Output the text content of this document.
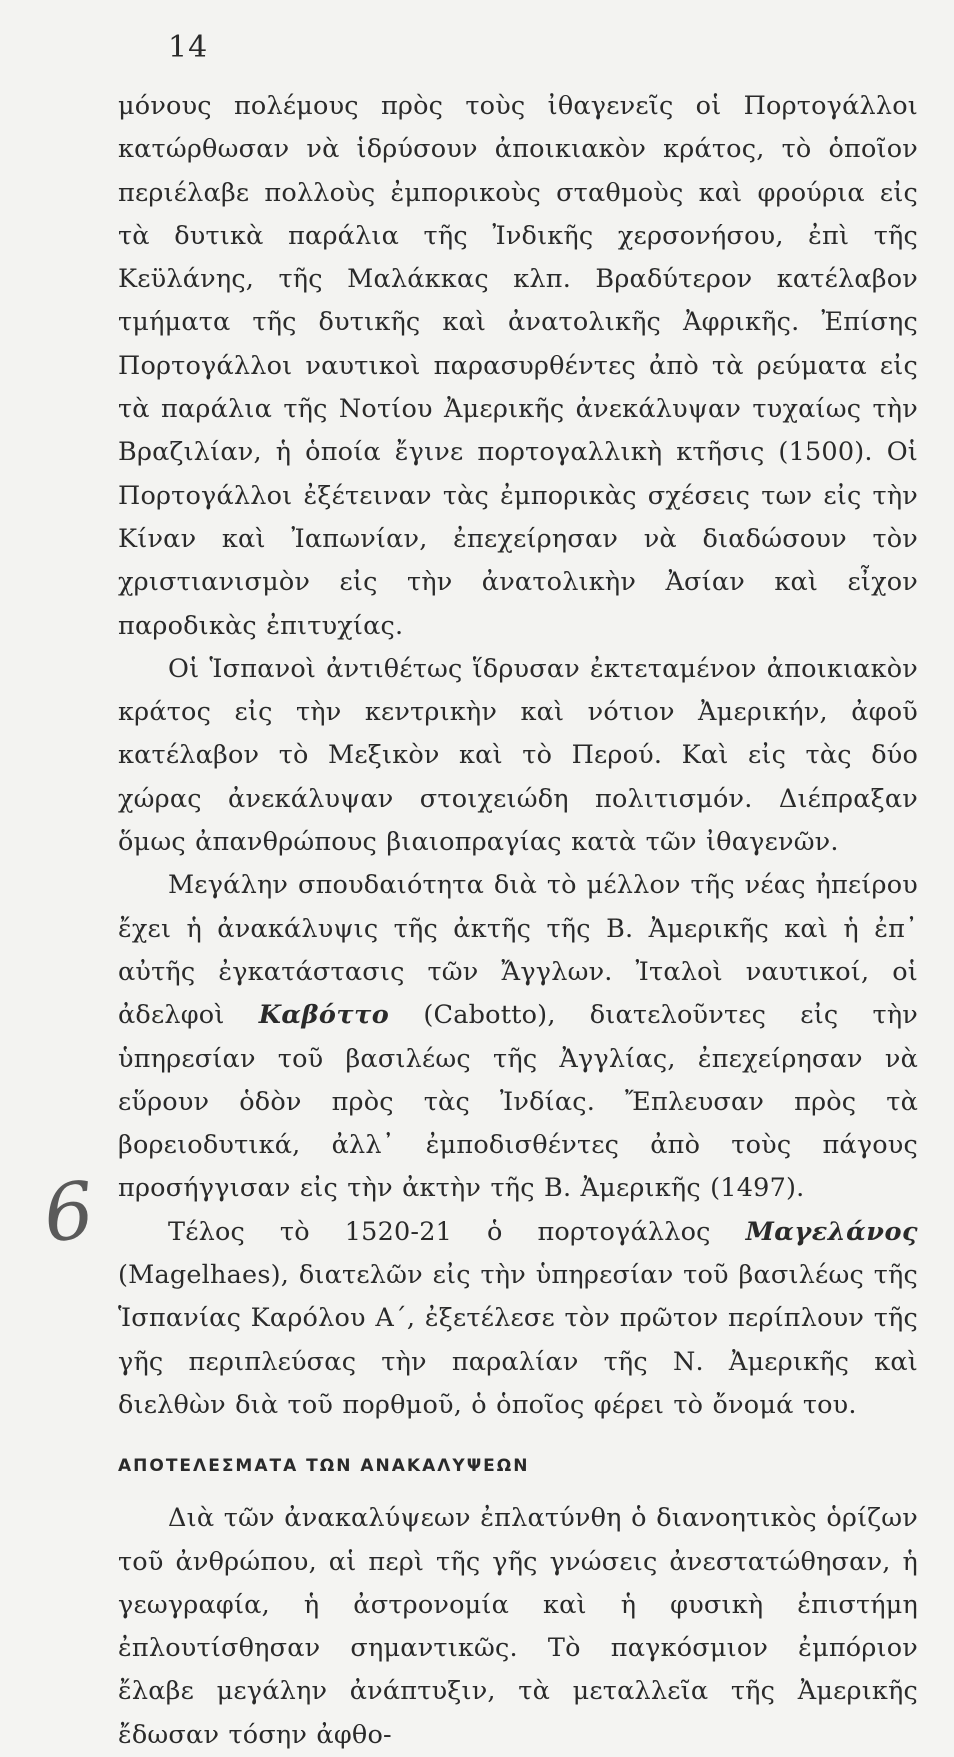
14
6

μόνους πολέμους πρὸς τοὺς ἰθαγενεῖς οἱ Πορτογάλλοι κατώρθωσαν νὰ ἱδρύσουν ἀποικιακὸν κράτος, τὸ ὁποῖον περιέλαβε πολλοὺς ἐμπορικοὺς σταθμοὺς καὶ φρούρια εἰς τὰ δυτικὰ παράλια τῆς Ἰνδικῆς χερσονήσου, ἐπὶ τῆς Κεϋλάνης, τῆς Μαλάκκας κλπ. Βραδύτερον κατέλαβον τμήματα τῆς δυτικῆς καὶ ἀνατολικῆς Ἀφρικῆς. Ἐπίσης Πορτογάλλοι ναυτικοὶ παρασυρθέντες ἀπὸ τὰ ρεύματα εἰς τὰ παράλια τῆς Νοτίου Ἀμερικῆς ἀνεκάλυψαν τυχαίως τὴν Βραζιλίαν, ἡ ὁποία ἔγινε πορτογαλλικὴ κτῆσις (1500). Οἱ Πορτογάλλοι ἐξέτειναν τὰς ἐμπορικὰς σχέσεις των εἰς τὴν Κίναν καὶ Ἰαπωνίαν, ἐπεχείρησαν νὰ διαδώσουν τὸν χριστιανισμὸν εἰς τὴν ἀνατολικὴν Ἀσίαν καὶ εἶχον παροδικὰς ἐπιτυχίας.

Οἱ Ἱσπανοὶ ἀντιθέτως ἵδρυσαν ἐκτεταμένον ἀποικιακὸν κράτος εἰς τὴν κεντρικὴν καὶ νότιον Ἀμερικήν, ἀφοῦ κατέλαβον τὸ Μεξικὸν καὶ τὸ Περού. Καὶ εἰς τὰς δύο χώρας ἀνεκάλυψαν στοιχειώδη πολιτισμόν. Διέπραξαν ὅμως ἀπανθρώπους βιαιοπραγίας κατὰ τῶν ἰθαγενῶν.

Μεγάλην σπουδαιότητα διὰ τὸ μέλλον τῆς νέας ἠπείρου ἔχει ἡ ἀνακάλυψις τῆς ἀκτῆς τῆς Β. Ἀμερικῆς καὶ ἡ ἐπ᾽ αὐτῆς ἐγκατάστασις τῶν Ἄγγλων. Ἰταλοὶ ναυτικοί, οἱ ἀδελφοὶ Καβόττο (Cabotto), διατελοῦντες εἰς τὴν ὑπηρεσίαν τοῦ βασιλέως τῆς Ἀγγλίας, ἐπεχείρησαν νὰ εὕρουν ὁδὸν πρὸς τὰς Ἰνδίας. Ἔπλευσαν πρὸς τὰ βορειοδυτικά, ἀλλ᾽ ἐμποδισθέντες ἀπὸ τοὺς πάγους προσήγγισαν εἰς τὴν ἀκτὴν τῆς Β. Ἀμερικῆς (1497).

Τέλος τὸ 1520-21 ὁ πορτογάλλος Μαγελάνος (Magelhaes), διατελῶν εἰς τὴν ὑπηρεσίαν τοῦ βασιλέως τῆς Ἱσπανίας Καρόλου Α΄, ἐξετέλεσε τὸν πρῶτον περίπλουν τῆς γῆς περιπλεύσας τὴν παραλίαν τῆς Ν. Ἀμερικῆς καὶ διελθὼν διὰ τοῦ πορθμοῦ, ὁ ὁποῖος φέρει τὸ ὄνομά του.

ΑΠΟΤΕΛΕΣΜΑΤΑ ΤΩΝ ΑΝΑΚΑΛΥΨΕΩΝ

Διὰ τῶν ἀνακαλύψεων ἐπλατύνθη ὁ διανοητικὸς ὁρίζων τοῦ ἀνθρώπου, αἱ περὶ τῆς γῆς γνώσεις ἀνεστατώθησαν, ἡ γεωγραφία, ἡ ἀστρονομία καὶ ἡ φυσικὴ ἐπιστήμη ἐπλουτίσθησαν σημαντικῶς. Τὸ παγκόσμιον ἐμπόριον ἔλαβε μεγάλην ἀνάπτυξιν, τὰ μεταλλεῖα τῆς Ἀμερικῆς ἔδωσαν τόσην ἀφθο-
